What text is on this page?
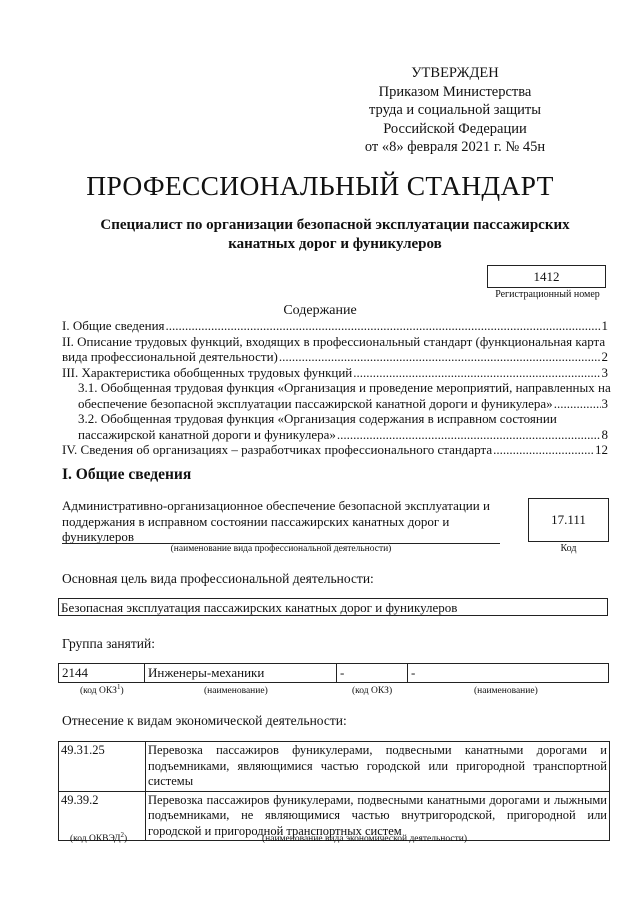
УТВЕРЖДЕН
Приказом Министерства
труда и социальной защиты
Российской Федерации
от «8» февраля 2021 г. № 45н
ПРОФЕССИОНАЛЬНЫЙ СТАНДАРТ
Специалист по организации безопасной эксплуатации пассажирских
канатных дорог и фуникулеров
1412
Регистрационный номер
Содержание
I. Общие сведения .....	1
II. Описание трудовых функций, входящих в профессиональный стандарт (функциональная карта
вида профессиональной деятельности) .....	2
III. Характеристика обобщенных трудовых функций .....	3
3.1. Обобщенная трудовая функция «Организация и проведение мероприятий, направленных на
обеспечение безопасной эксплуатации пассажирской канатной дороги и фуникулера» .....	3
3.2. Обобщенная трудовая функция «Организация содержания в исправном состоянии
пассажирской канатной дороги и фуникулера» .....	8
IV. Сведения об организациях – разработчиках профессионального стандарта .....	12
I. Общие сведения
Административно-организационное обеспечение безопасной эксплуатации и
поддержания в исправном состоянии пассажирских канатных дорог и
фуникулеров
(наименование вида профессиональной деятельности)
17.111
Код
Основная цель вида профессиональной деятельности:
Безопасная эксплуатация пассажирских канатных дорог и фуникулеров
Группа занятий:
2144	Инженеры-механики	-	-
(код ОКЗ$^1$)	(наименование)	(код ОКЗ)	(наименование)
Отнесение к видам экономической деятельности:
49.31.25	Перевозка пассажиров фуникулерами, подвесными канатными дорогами и подъемниками, являющимися частью городской или пригородной транспортной системы
49.39.2	Перевозка пассажиров фуникулерами, подвесными канатными дорогами и лыжными подъемниками, не являющимися частью внутригородской, пригородной или городской и пригородной транспортных систем
(код ОКВЭД$^2$)	(наименование вида экономической деятельности)
